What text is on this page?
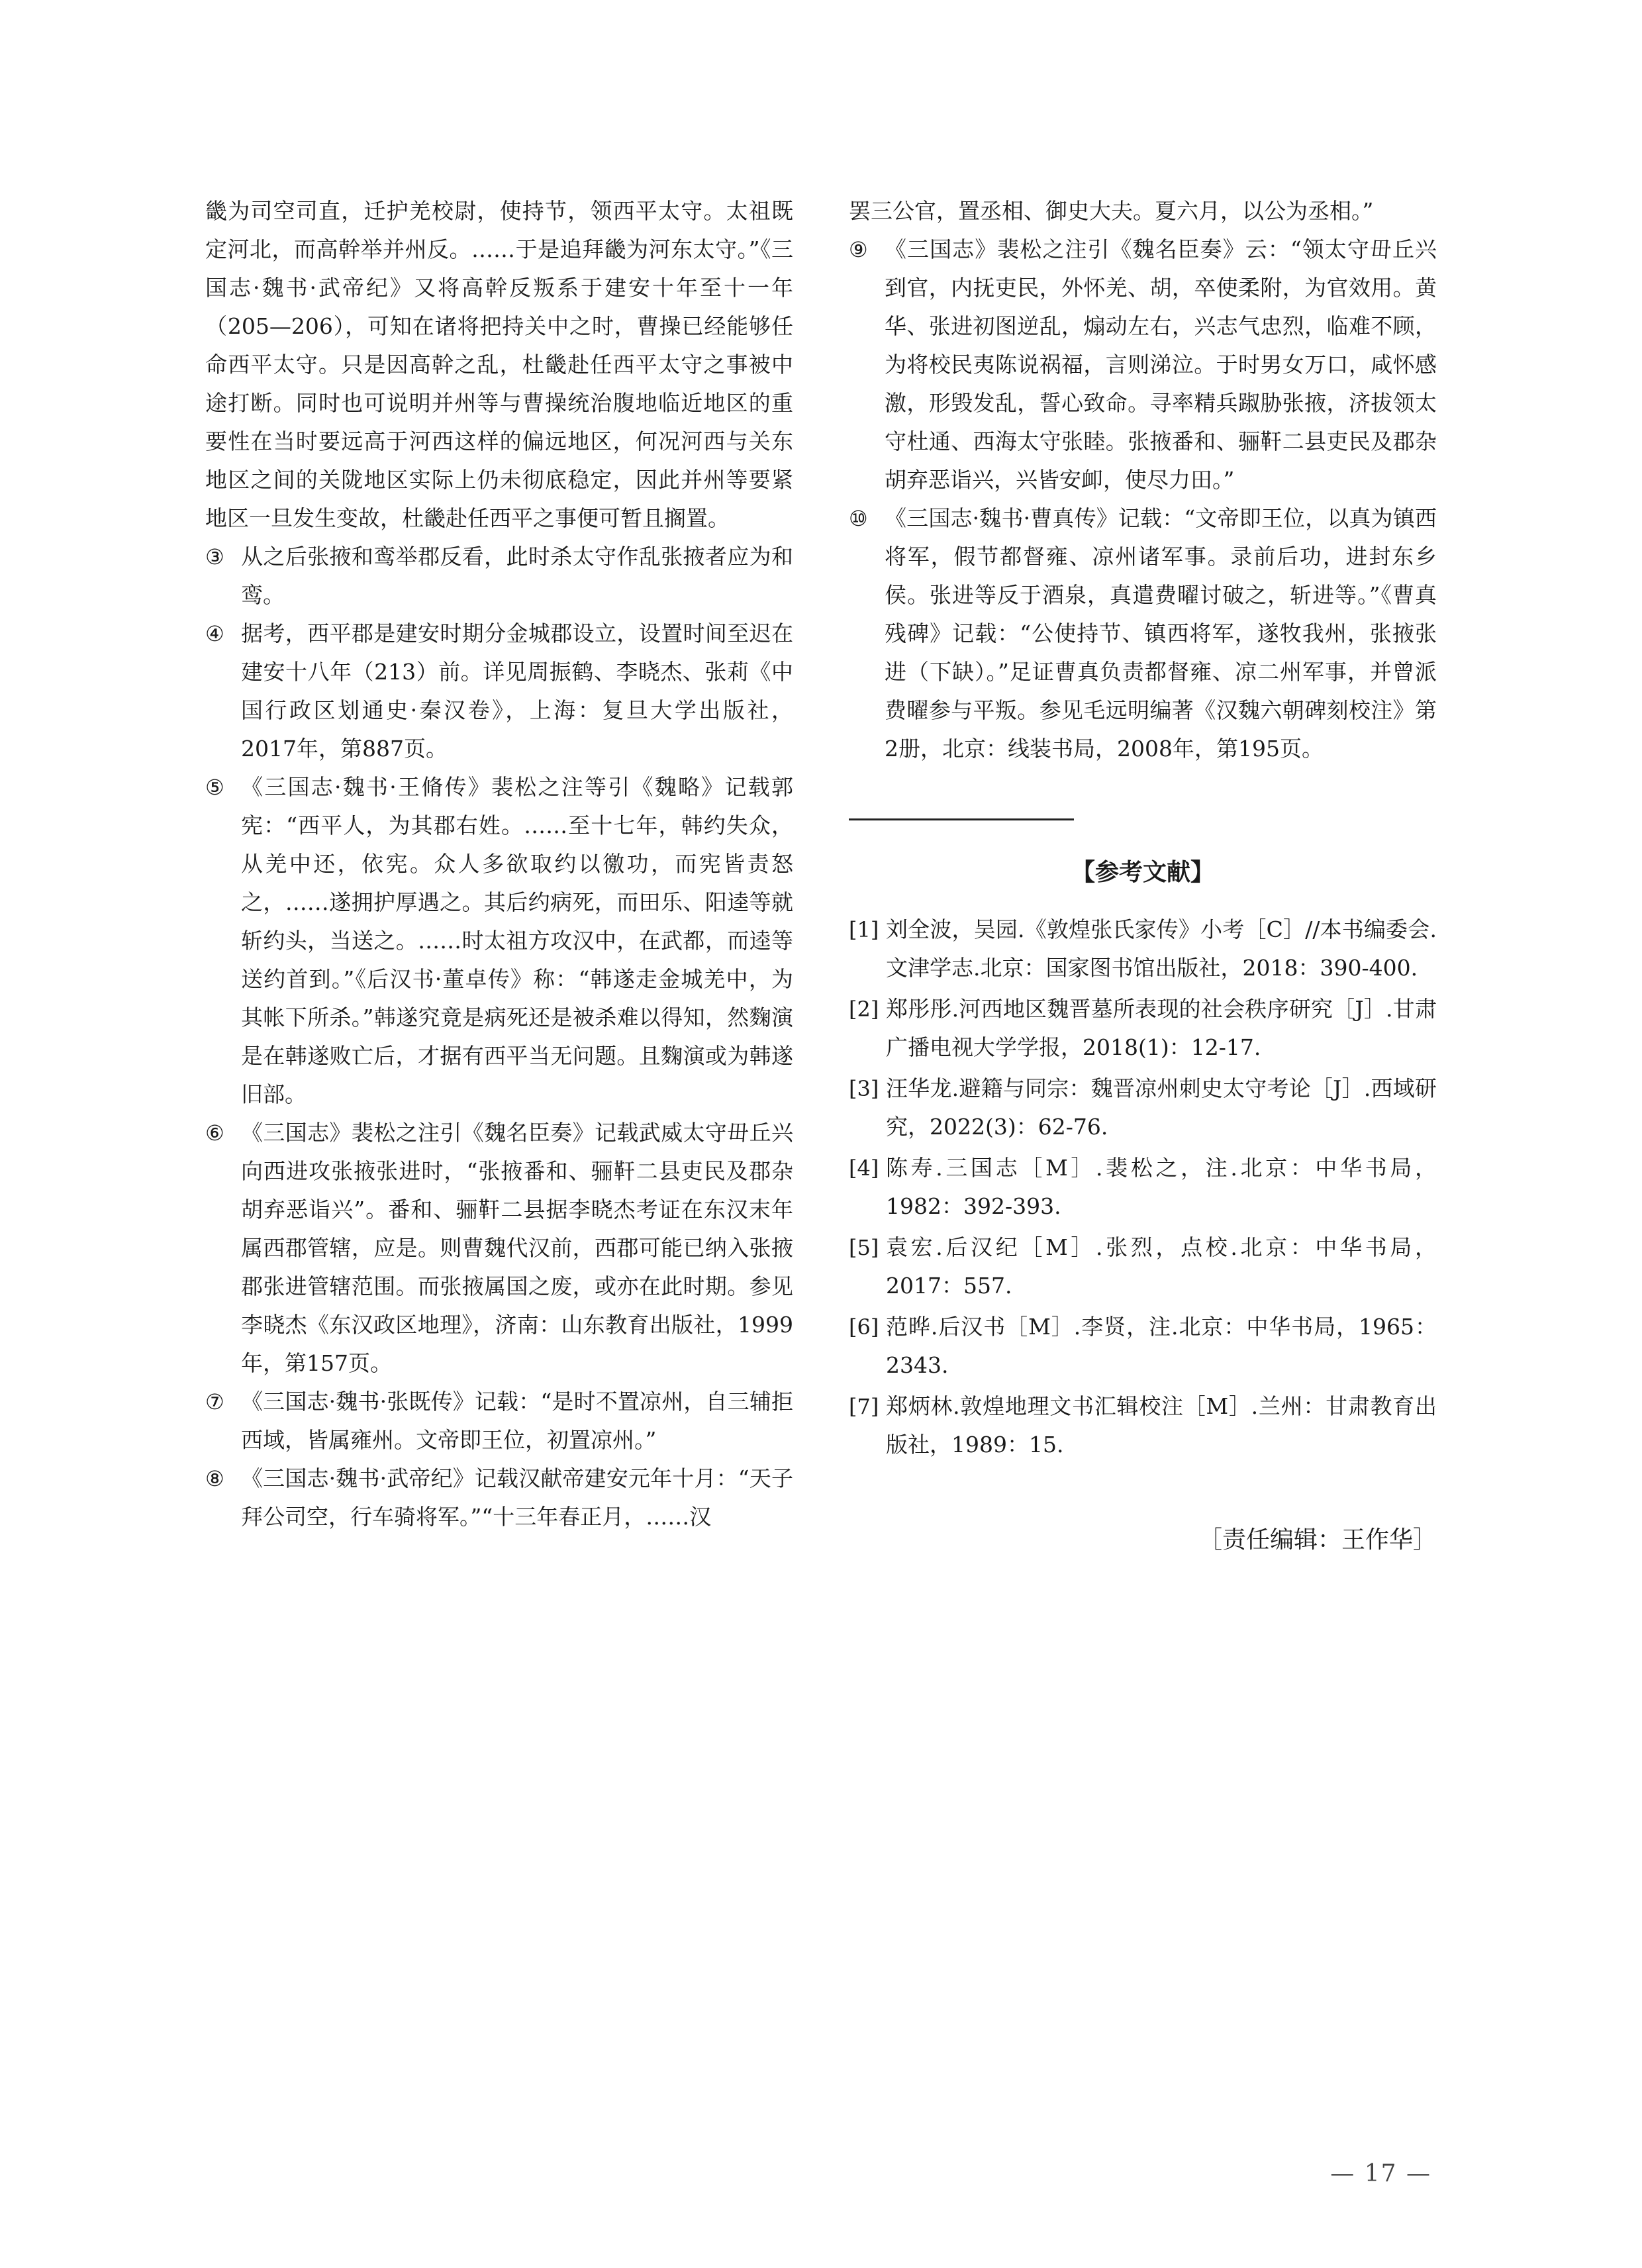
畿为司空司直，迁护羌校尉，使持节，领西平太守。太祖既定河北，而高幹举并州反。……于是追拜畿为河东太守。”《三国志·魏书·武帝纪》又将高幹反叛系于建安十年至十一年（205—206），可知在诸将把持关中之时，曹操已经能够任命西平太守。只是因高幹之乱，杜畿赴任西平太守之事被中途打断。同时也可说明并州等与曹操统治腹地临近地区的重要性在当时要远高于河西这样的偏远地区，何况河西与关东地区之间的关陇地区实际上仍未彻底稳定，因此并州等要紧地区一旦发生变故，杜畿赴任西平之事便可暂且搁置。

③ 从之后张掖和鸾举郡反看，此时杀太守作乱张掖者应为和鸾。
④ 据考，西平郡是建安时期分金城郡设立，设置时间至迟在建安十八年（213）前。详见周振鹤、李晓杰、张莉《中国行政区划通史·秦汉卷》，上海：复旦大学出版社，2017年，第887页。
⑤ 《三国志·魏书·王脩传》裴松之注等引《魏略》记载郭宪：“西平人，为其郡右姓。……至十七年，韩约失众，从羌中还，依宪。众人多欲取约以徼功，而宪皆责怒之，……遂拥护厚遇之。其后约病死，而田乐、阳逵等就斩约头，当送之。……时太祖方攻汉中，在武都，而逵等送约首到。”《后汉书·董卓传》称：“韩遂走金城羌中，为其帐下所杀。”韩遂究竟是病死还是被杀难以得知，然麴演是在韩遂败亡后，才据有西平当无问题。且麴演或为韩遂旧部。
⑥ 《三国志》裴松之注引《魏名臣奏》记载武威太守毌丘兴向西进攻张掖张进时，“张掖番和、骊靬二县吏民及郡杂胡弃恶诣兴”。番和、骊靬二县据李晓杰考证在东汉末年属西郡管辖，应是。则曹魏代汉前，西郡可能已纳入张掖郡张进管辖范围。而张掖属国之废，或亦在此时期。参见李晓杰《东汉政区地理》，济南：山东教育出版社，1999年，第157页。
⑦ 《三国志·魏书·张既传》记载：“是时不置凉州，自三辅拒西域，皆属雍州。文帝即王位，初置凉州。”
⑧ 《三国志·魏书·武帝纪》记载汉献帝建安元年十月：“天子拜公司空，行车骑将军。”“十三年春正月，……汉

罢三公官，置丞相、御史大夫。夏六月，以公为丞相。”

⑨ 《三国志》裴松之注引《魏名臣奏》云：“领太守毌丘兴到官，内抚吏民，外怀羌、胡，卒使柔附，为官效用。黄华、张进初图逆乱，煽动左右，兴志气忠烈，临难不顾，为将校民夷陈说祸福，言则涕泣。于时男女万口，咸怀感激，形毁发乱，誓心致命。寻率精兵踧胁张掖，济拔领太守杜通、西海太守张睦。张掖番和、骊靬二县吏民及郡杂胡弃恶诣兴，兴皆安卹，使尽力田。”
⑩ 《三国志·魏书·曹真传》记载：“文帝即王位，以真为镇西将军，假节都督雍、凉州诸军事。录前后功，进封东乡侯。张进等反于酒泉，真遣费曜讨破之，斩进等。”《曹真残碑》记载：“公使持节、镇西将军，遂牧我州，张掖张进（下缺）。”足证曹真负责都督雍、凉二州军事，并曾派费曜参与平叛。参见毛远明编著《汉魏六朝碑刻校注》第2册，北京：线装书局，2008年，第195页。
【参考文献】
[1] 刘全波，吴园.《敦煌张氏家传》小考［C］//本书编委会.文津学志.北京：国家图书馆出版社，2018：390-400.
[2] 郑彤彤.河西地区魏晋墓所表现的社会秩序研究［J］.甘肃广播电视大学学报，2018(1)：12-17.
[3] 汪华龙.避籍与同宗：魏晋凉州刺史太守考论［J］.西域研究，2022(3)：62-76.
[4] 陈寿.三国志［M］.裴松之，注.北京：中华书局，1982：392-393.
[5] 袁宏.后汉纪［M］.张烈，点校.北京：中华书局，2017：557.
[6] 范晔.后汉书［M］.李贤，注.北京：中华书局，1965：2343.
[7] 郑炳林.敦煌地理文书汇辑校注［M］.兰州：甘肃教育出版社，1989：15.
［责任编辑：王作华］
— 17 —
